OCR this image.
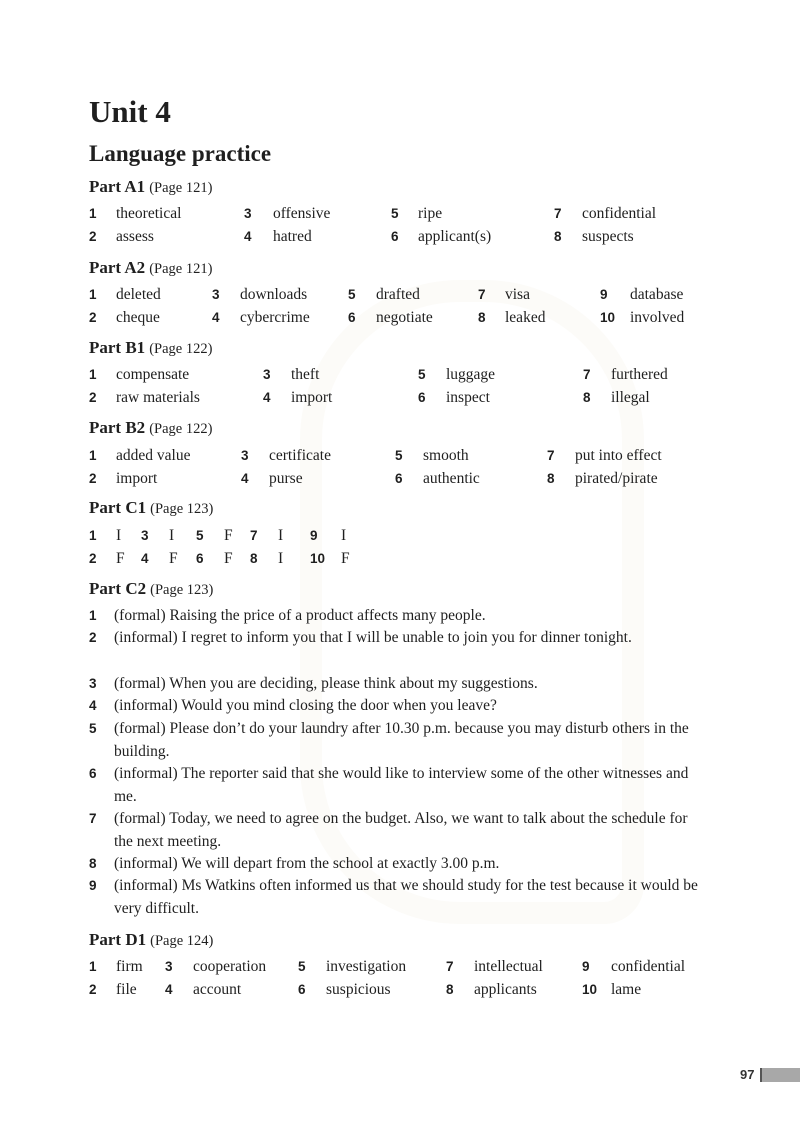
Unit 4
Language practice
Part A1 (Page 121)
1 theoretical	3 offensive	5 ripe	7 confidential
2 assess	4 hatred	6 applicant(s)	8 suspects
Part A2 (Page 121)
1 deleted	3 downloads	5 drafted	7 visa	9 database
2 cheque	4 cybercrime	6 negotiate	8 leaked	10 involved
Part B1 (Page 122)
1 compensate	3 theft	5 luggage	7 furthered
2 raw materials	4 import	6 inspect	8 illegal
Part B2 (Page 122)
1 added value	3 certificate	5 smooth	7 put into effect
2 import	4 purse	6 authentic	8 pirated/pirate
Part C1 (Page 123)
1 I 3 I 5 F 7 I 9 I
2 F 4 F 6 F 8 I 10 F
Part C2 (Page 123)
1 (formal) Raising the price of a product affects many people.
2 (informal) I regret to inform you that I will be unable to join you for dinner tonight.
3 (formal) When you are deciding, please think about my suggestions.
4 (informal) Would you mind closing the door when you leave?
5 (formal) Please don’t do your laundry after 10.30 p.m. because you may disturb others in the building.
6 (informal) The reporter said that she would like to interview some of the other witnesses and me.
7 (formal) Today, we need to agree on the budget. Also, we want to talk about the schedule for the next meeting.
8 (informal) We will depart from the school at exactly 3.00 p.m.
9 (informal) Ms Watkins often informed us that we should study for the test because it would be very difficult.
Part D1 (Page 124)
1 firm 3 cooperation 5 investigation	7 intellectual	9 confidential
2 file 4 account	6 suspicious	8 applicants	10 lame
97
